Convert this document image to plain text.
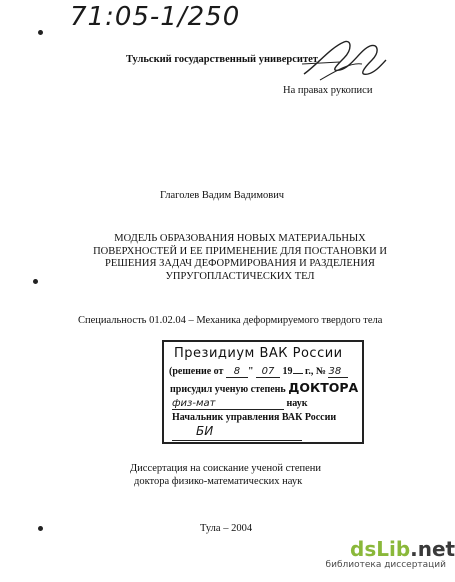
71:05-1/250
Тульский государственный университет
На правах рукописи
Глаголев Вадим Вадимович
МОДЕЛЬ ОБРАЗОВАНИЯ НОВЫХ МАТЕРИАЛЬНЫХ
ПОВЕРХНОСТЕЙ И ЕЕ ПРИМЕНЕНИЕ ДЛЯ ПОСТАНОВКИ И
РЕШЕНИЯ ЗАДАЧ ДЕФОРМИРОВАНИЯ И РАЗДЕЛЕНИЯ
УПРУГОПЛАСТИЧЕСКИХ ТЕЛ
Специальность 01.02.04 – Механика деформируемого твердого тела
Президиум ВАК России
(решение от 8 " 07 19 г., № 38
присудил ученую степень ДОКТОРА
физ-мат	наук
Начальник управления ВАК России
БИ
Диссертация на соискание ученой степени
доктора физико-математических наук
Тула – 2004
dsLib.net
библиотека диссертаций
